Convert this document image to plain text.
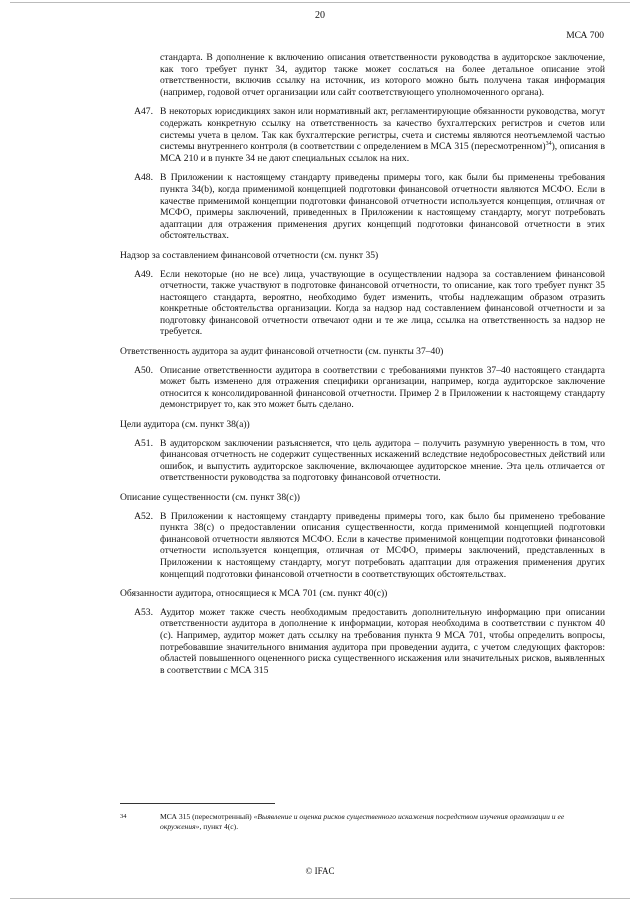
20
МСА 700
стандарта. В дополнение к включению описания ответственности руководства в аудиторское заключение, как того требует пункт 34, аудитор также может сослаться на более детальное описание этой ответственности, включив ссылку на источник, из которого можно быть получена такая информация (например, годовой отчет организации или сайт соответствующего уполномоченного органа).
A47. В некоторых юрисдикциях закон или нормативный акт, регламентирующие обязанности руководства, могут содержать конкретную ссылку на ответственность за качество бухгалтерских регистров и счетов или системы учета в целом. Так как бухгалтерские регистры, счета и системы являются неотъемлемой частью системы внутреннего контроля (в соответствии с определением в МСА 315 (пересмотренном)$^{34}$), описания в МСА 210 и в пункте 34 не дают специальных ссылок на них.
A48. В Приложении к настоящему стандарту приведены примеры того, как были бы применены требования пункта 34(b), когда применимой концепцией подготовки финансовой отчетности являются МСФО. Если в качестве применимой концепции подготовки финансовой отчетности используется концепция, отличная от МСФО, примеры заключений, приведенных в Приложении к настоящему стандарту, могут потребовать адаптации для отражения применения других концепций подготовки финансовой отчетности в этих обстоятельствах.
Надзор за составлением финансовой отчетности (см. пункт 35)
A49. Если некоторые (но не все) лица, участвующие в осуществлении надзора за составлением финансовой отчетности, также участвуют в подготовке финансовой отчетности, то описание, как того требует пункт 35 настоящего стандарта, вероятно, необходимо будет изменить, чтобы надлежащим образом отразить конкретные обстоятельства организации. Когда за надзор над составлением финансовой отчетности и за подготовку финансовой отчетности отвечают одни и те же лица, ссылка на ответственность за надзор не требуется.
Ответственность аудитора за аудит финансовой отчетности (см. пункты 37–40)
A50. Описание ответственности аудитора в соответствии с требованиями пунктов 37–40 настоящего стандарта может быть изменено для отражения специфики организации, например, когда аудиторское заключение относится к консолидированной финансовой отчетности. Пример 2 в Приложении к настоящему стандарту демонстрирует то, как это может быть сделано.
Цели аудитора (см. пункт 38(a))
A51. В аудиторском заключении разъясняется, что цель аудитора – получить разумную уверенность в том, что финансовая отчетность не содержит существенных искажений вследствие недобросовестных действий или ошибок, и выпустить аудиторское заключение, включающее аудиторское мнение. Эта цель отличается от ответственности руководства за подготовку финансовой отчетности.
Описание существенности (см. пункт 38(c))
A52. В Приложении к настоящему стандарту приведены примеры того, как было бы применено требование пункта 38(c) о предоставлении описания существенности, когда применимой концепцией подготовки финансовой отчетности являются МСФО. Если в качестве применимой концепции подготовки финансовой отчетности используется концепция, отличная от МСФО, примеры заключений, представленных в Приложении к настоящему стандарту, могут потребовать адаптации для отражения применения других концепций подготовки финансовой отчетности в соответствующих обстоятельствах.
Обязанности аудитора, относящиеся к МСА 701 (см. пункт 40(c))
A53. Аудитор может также счесть необходимым предоставить дополнительную информацию при описании ответственности аудитора в дополнение к информации, которая необходима в соответствии с пунктом 40 (с). Например, аудитор может дать ссылку на требования пункта 9 МСА 701, чтобы определить вопросы, потребовавшие значительного внимания аудитора при проведении аудита, с учетом следующих факторов: областей повышенного оцененного риска существенного искажения или значительных рисков, выявленных в соответствии с МСА 315
34	МСА 315 (пересмотренный) «Выявление и оценка рисков существенного искажения посредством изучения организации и ее окружения», пункт 4(с).
© IFAC
